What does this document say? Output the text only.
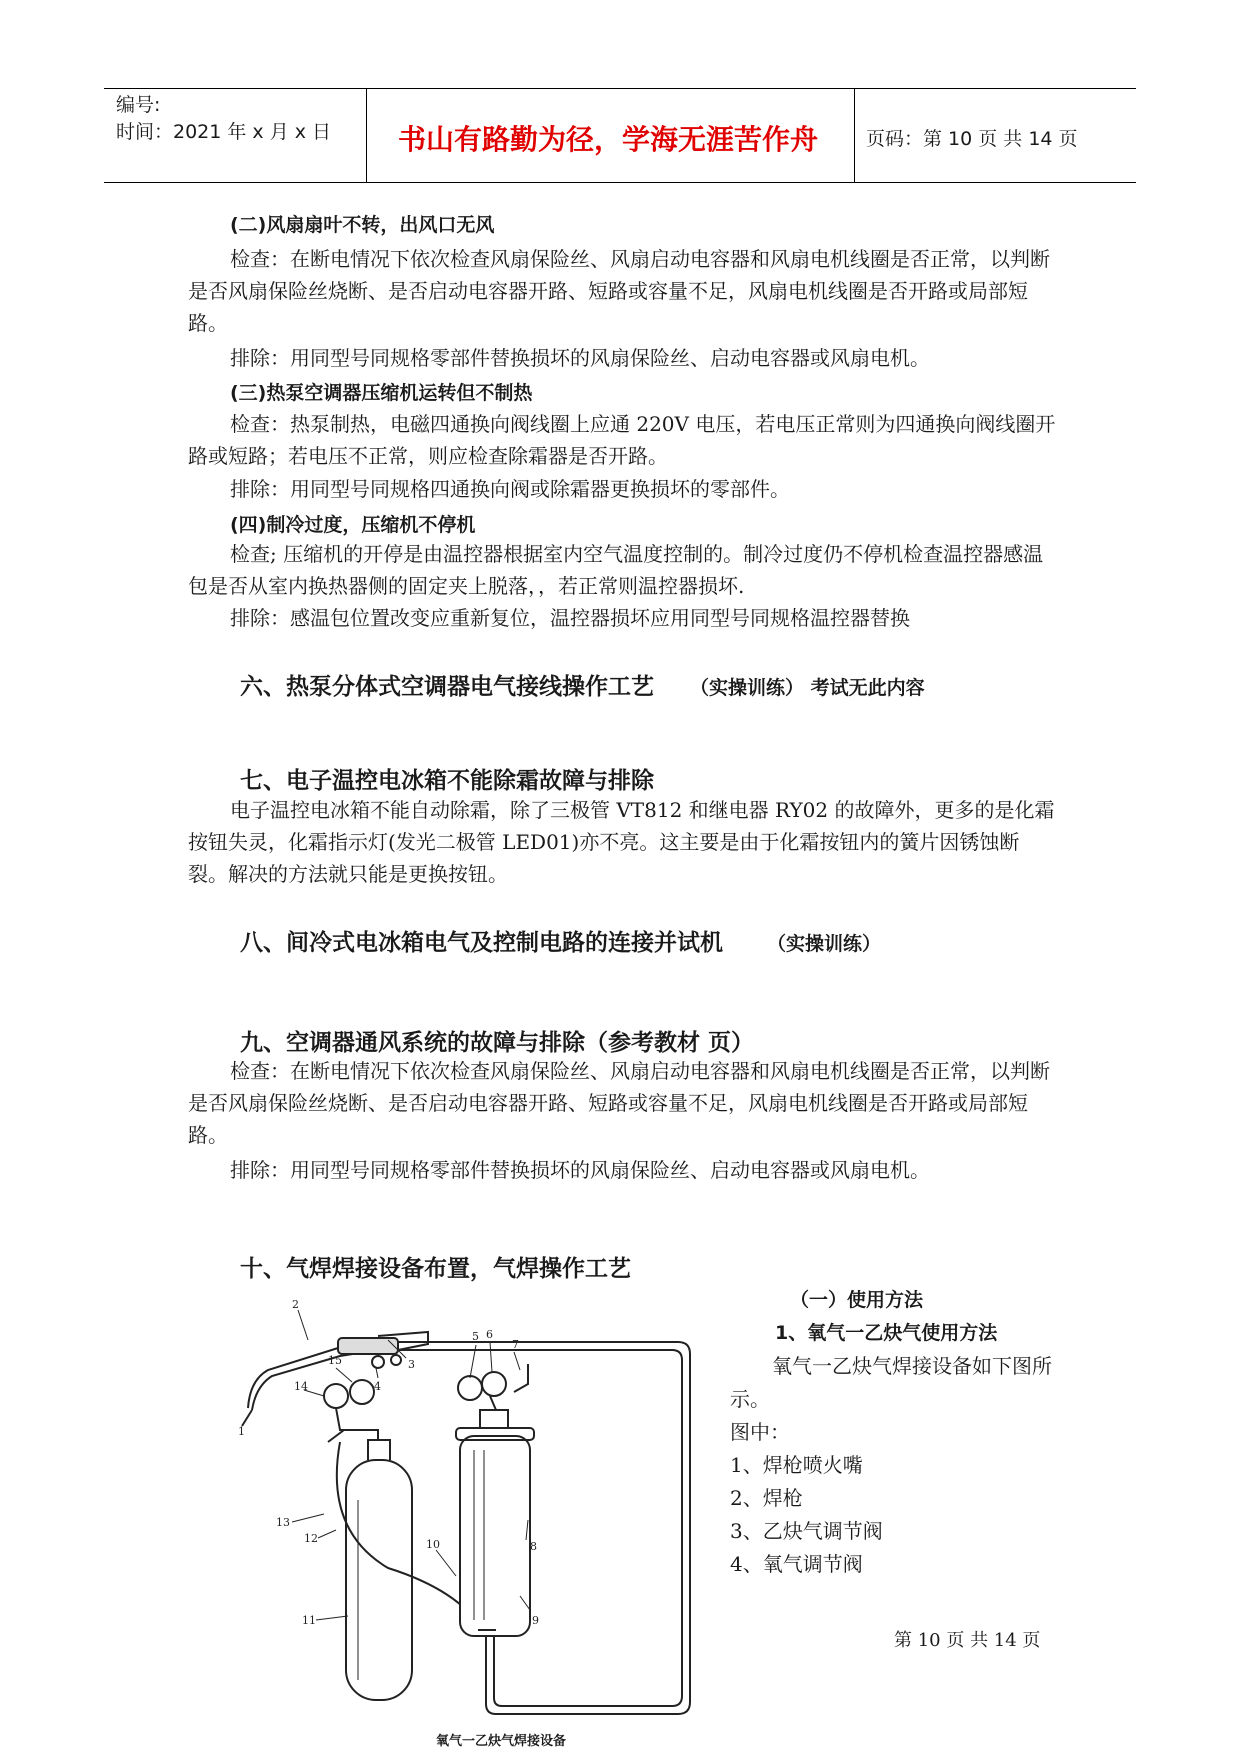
编号:
时间：2021 年 x 月 x 日	书山有路勤为径，学海无涯苦作舟	页码：第 10 页 共 14 页
(二)风扇扇叶不转，出风口无风
检查：在断电情况下依次检查风扇保险丝、风扇启动电容器和风扇电机线圈是否正常，以判断是否风扇保险丝烧断、是否启动电容器开路、短路或容量不足，风扇电机线圈是否开路或局部短路。
排除：用同型号同规格零部件替换损坏的风扇保险丝、启动电容器或风扇电机。
(三)热泵空调器压缩机运转但不制热
检查：热泵制热，电磁四通换向阀线圈上应通 220V 电压，若电压正常则为四通换向阀线圈开路或短路；若电压不正常，则应检查除霜器是否开路。
排除：用同型号同规格四通换向阀或除霜器更换损坏的零部件。
(四)制冷过度，压缩机不停机
检查; 压缩机的开停是由温控器根据室内空气温度控制的。制冷过度仍不停机检查温控器感温包是否从室内换热器侧的固定夹上脱落，，若正常则温控器损坏.
排除：感温包位置改变应重新复位，温控器损坏应用同型号同规格温控器替换
六、热泵分体式空调器电气接线操作工艺 （实操训练） 考试无此内容
七、电子温控电冰箱不能除霜故障与排除
电子温控电冰箱不能自动除霜，除了三极管 VT812 和继电器 RY02 的故障外，更多的是化霜按钮失灵，化霜指示灯(发光二极管 LED01)亦不亮。这主要是由于化霜按钮内的簧片因锈蚀断裂。解决的方法就只能是更换按钮。
八、间冷式电冰箱电气及控制电路的连接并试机 （实操训练）
九、空调器通风系统的故障与排除（参考教材 页）
检查：在断电情况下依次检查风扇保险丝、风扇启动电容器和风扇电机线圈是否正常，以判断是否风扇保险丝烧断、是否启动电容器开路、短路或容量不足，风扇电机线圈是否开路或局部短路。
排除：用同型号同规格零部件替换损坏的风扇保险丝、启动电容器或风扇电机。
十、气焊焊接设备布置，气焊操作工艺
（一）使用方法
1、氧气一乙炔气使用方法
氧气一乙炔气焊接设备如下图所示。
图中：
1、焊枪喷火嘴
2、焊枪
3、乙炔气调节阀
4、氧气调节阀
第 10 页 共 14 页
1
2
3
4
5 6
7
8
9
10
11
12
13
14
15
氧气一乙炔气焊接设备
